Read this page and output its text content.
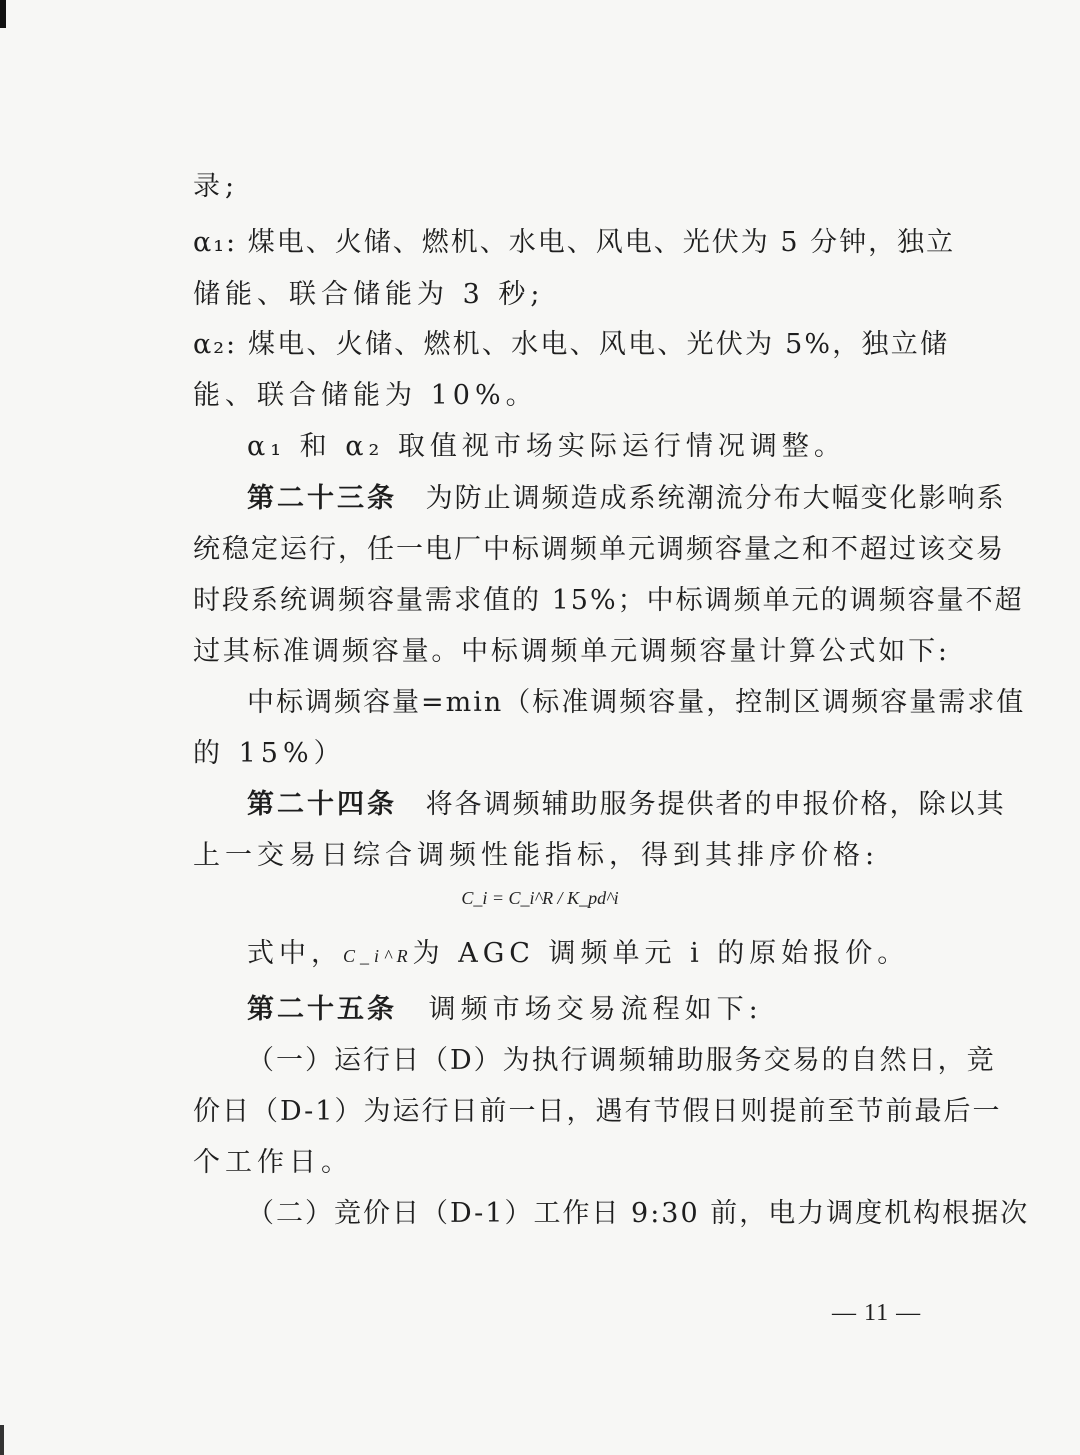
录;
α₁: 煤电、火储、燃机、水电、风电、光伏为 5 分钟，独立
储能、联合储能为 3 秒;
α₂: 煤电、火储、燃机、水电、风电、光伏为 5%，独立储
能、联合储能为 10%。
α₁ 和 α₂ 取值视市场实际运行情况调整。
第二十三条 为防止调频造成系统潮流分布大幅变化影响系
统稳定运行，任一电厂中标调频单元调频容量之和不超过该交易
时段系统调频容量需求值的 15%；中标调频单元的调频容量不超
过其标准调频容量。中标调频单元调频容量计算公式如下:
中标调频容量=min（标准调频容量，控制区调频容量需求值
的 15%）
第二十四条 将各调频辅助服务提供者的申报价格，除以其
上一交易日综合调频性能指标，得到其排序价格:
C_i = C_i^R / K_pd^i
式中，C_i^R为 AGC 调频单元 i 的原始报价。
第二十五条 调频市场交易流程如下:
（一）运行日（D）为执行调频辅助服务交易的自然日，竞
价日（D-1）为运行日前一日，遇有节假日则提前至节前最后一
个工作日。
（二）竞价日（D-1）工作日 9:30 前，电力调度机构根据次
— 11 —
